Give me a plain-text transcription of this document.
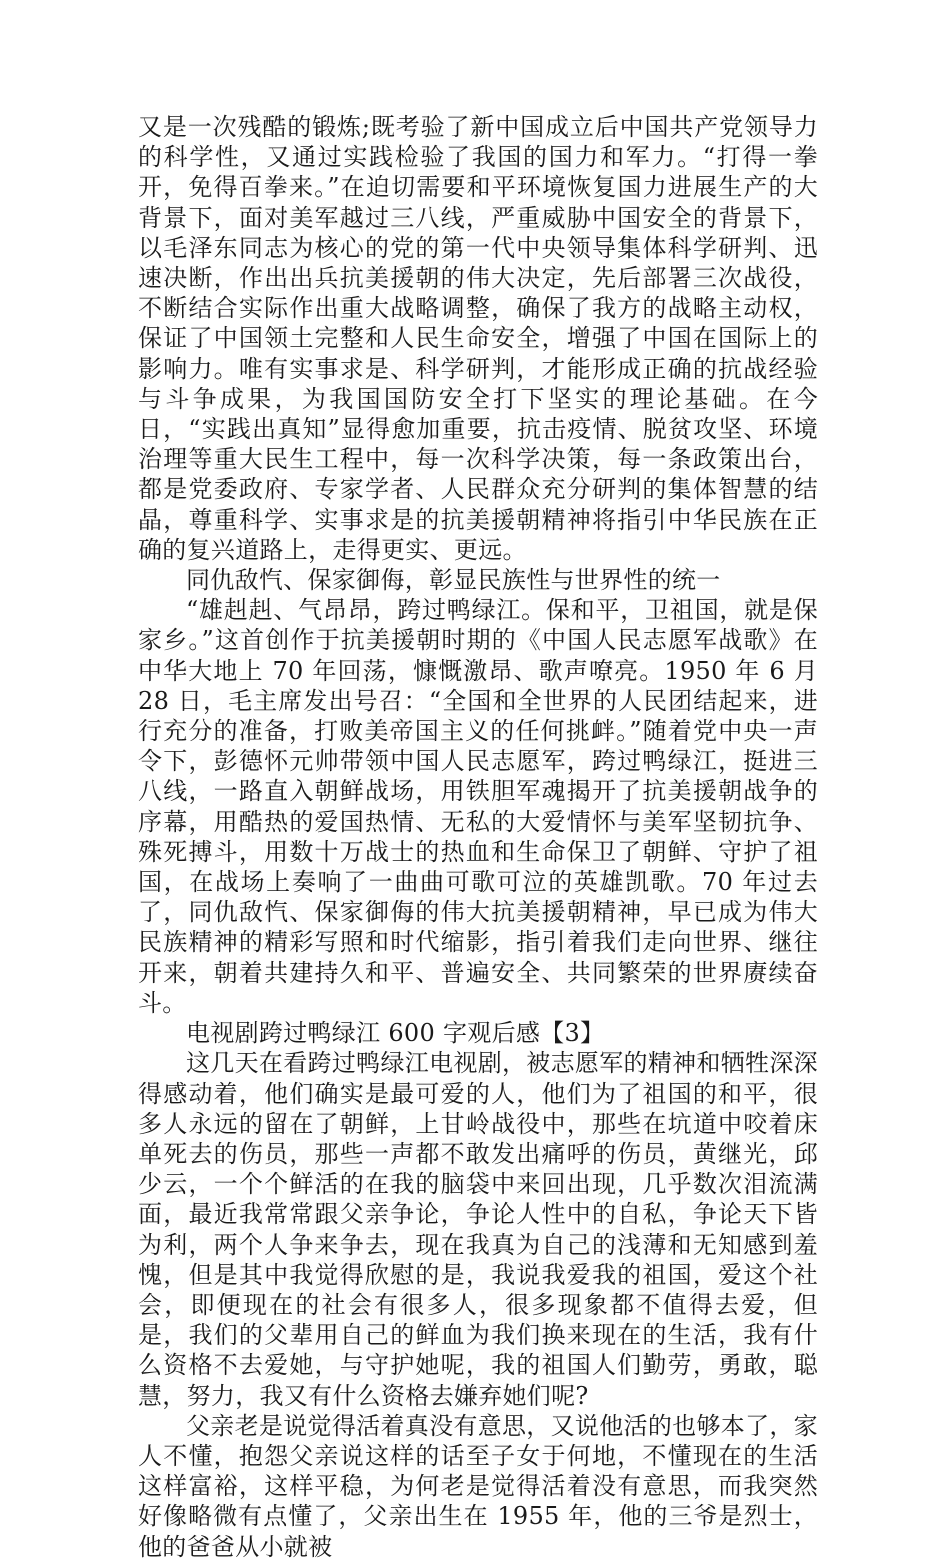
又是一次残酷的锻炼;既考验了新中国成立后中国共产党领导力的科学性，又通过实践检验了我国的国力和军力。“打得一拳开，免得百拳来。”在迫切需要和平环境恢复国力进展生产的大背景下，面对美军越过三八线，严重威胁中国安全的背景下，以毛泽东同志为核心的党的第一代中央领导集体科学研判、迅速决断，作出出兵抗美援朝的伟大决定，先后部署三次战役，不断结合实际作出重大战略调整，确保了我方的战略主动权，保证了中国领土完整和人民生命安全，增强了中国在国际上的影响力。唯有实事求是、科学研判，才能形成正确的抗战经验与斗争成果，为我国国防安全打下坚实的理论基础。在今日，“实践出真知”显得愈加重要，抗击疫情、脱贫攻坚、环境治理等重大民生工程中，每一次科学决策，每一条政策出台，都是党委政府、专家学者、人民群众充分研判的集体智慧的结晶，尊重科学、实事求是的抗美援朝精神将指引中华民族在正确的复兴道路上，走得更实、更远。

同仇敌忾、保家御侮，彰显民族性与世界性的统一

“雄赳赳、气昂昂，跨过鸭绿江。保和平，卫祖国，就是保家乡。”这首创作于抗美援朝时期的《中国人民志愿军战歌》在中华大地上 70 年回荡，慷慨激昂、歌声嘹亮。1950 年 6 月 28 日，毛主席发出号召：“全国和全世界的人民团结起来，进行充分的准备，打败美帝国主义的任何挑衅。”随着党中央一声令下，彭德怀元帅带领中国人民志愿军，跨过鸭绿江，挺进三八线，一路直入朝鲜战场，用铁胆军魂揭开了抗美援朝战争的序幕，用酷热的爱国热情、无私的大爱情怀与美军坚韧抗争、殊死搏斗，用数十万战士的热血和生命保卫了朝鲜、守护了祖国，在战场上奏响了一曲曲可歌可泣的英雄凯歌。70 年过去了，同仇敌忾、保家御侮的伟大抗美援朝精神，早已成为伟大民族精神的精彩写照和时代缩影，指引着我们走向世界、继往开来，朝着共建持久和平、普遍安全、共同繁荣的世界赓续奋斗。

电视剧跨过鸭绿江 600 字观后感【3】

这几天在看跨过鸭绿江电视剧，被志愿军的精神和牺牲深深得感动着，他们确实是最可爱的人，他们为了祖国的和平，很多人永远的留在了朝鲜，上甘岭战役中，那些在坑道中咬着床单死去的伤员，那些一声都不敢发出痛呼的伤员，黄继光，邱少云，一个个鲜活的在我的脑袋中来回出现，几乎数次泪流满面，最近我常常跟父亲争论，争论人性中的自私，争论天下皆为利，两个人争来争去，现在我真为自己的浅薄和无知感到羞愧，但是其中我觉得欣慰的是，我说我爱我的祖国，爱这个社会，即便现在的社会有很多人，很多现象都不值得去爱，但是，我们的父辈用自己的鲜血为我们换来现在的生活，我有什么资格不去爱她，与守护她呢，我的祖国人们勤劳，勇敢，聪慧，努力，我又有什么资格去嫌弃她们呢?

父亲老是说觉得活着真没有意思，又说他活的也够本了，家人不懂，抱怨父亲说这样的话至子女于何地，不懂现在的生活这样富裕，这样平稳，为何老是觉得活着没有意思，而我突然好像略微有点懂了，父亲出生在 1955 年，他的三爷是烈士，他的爸爸从小就被
